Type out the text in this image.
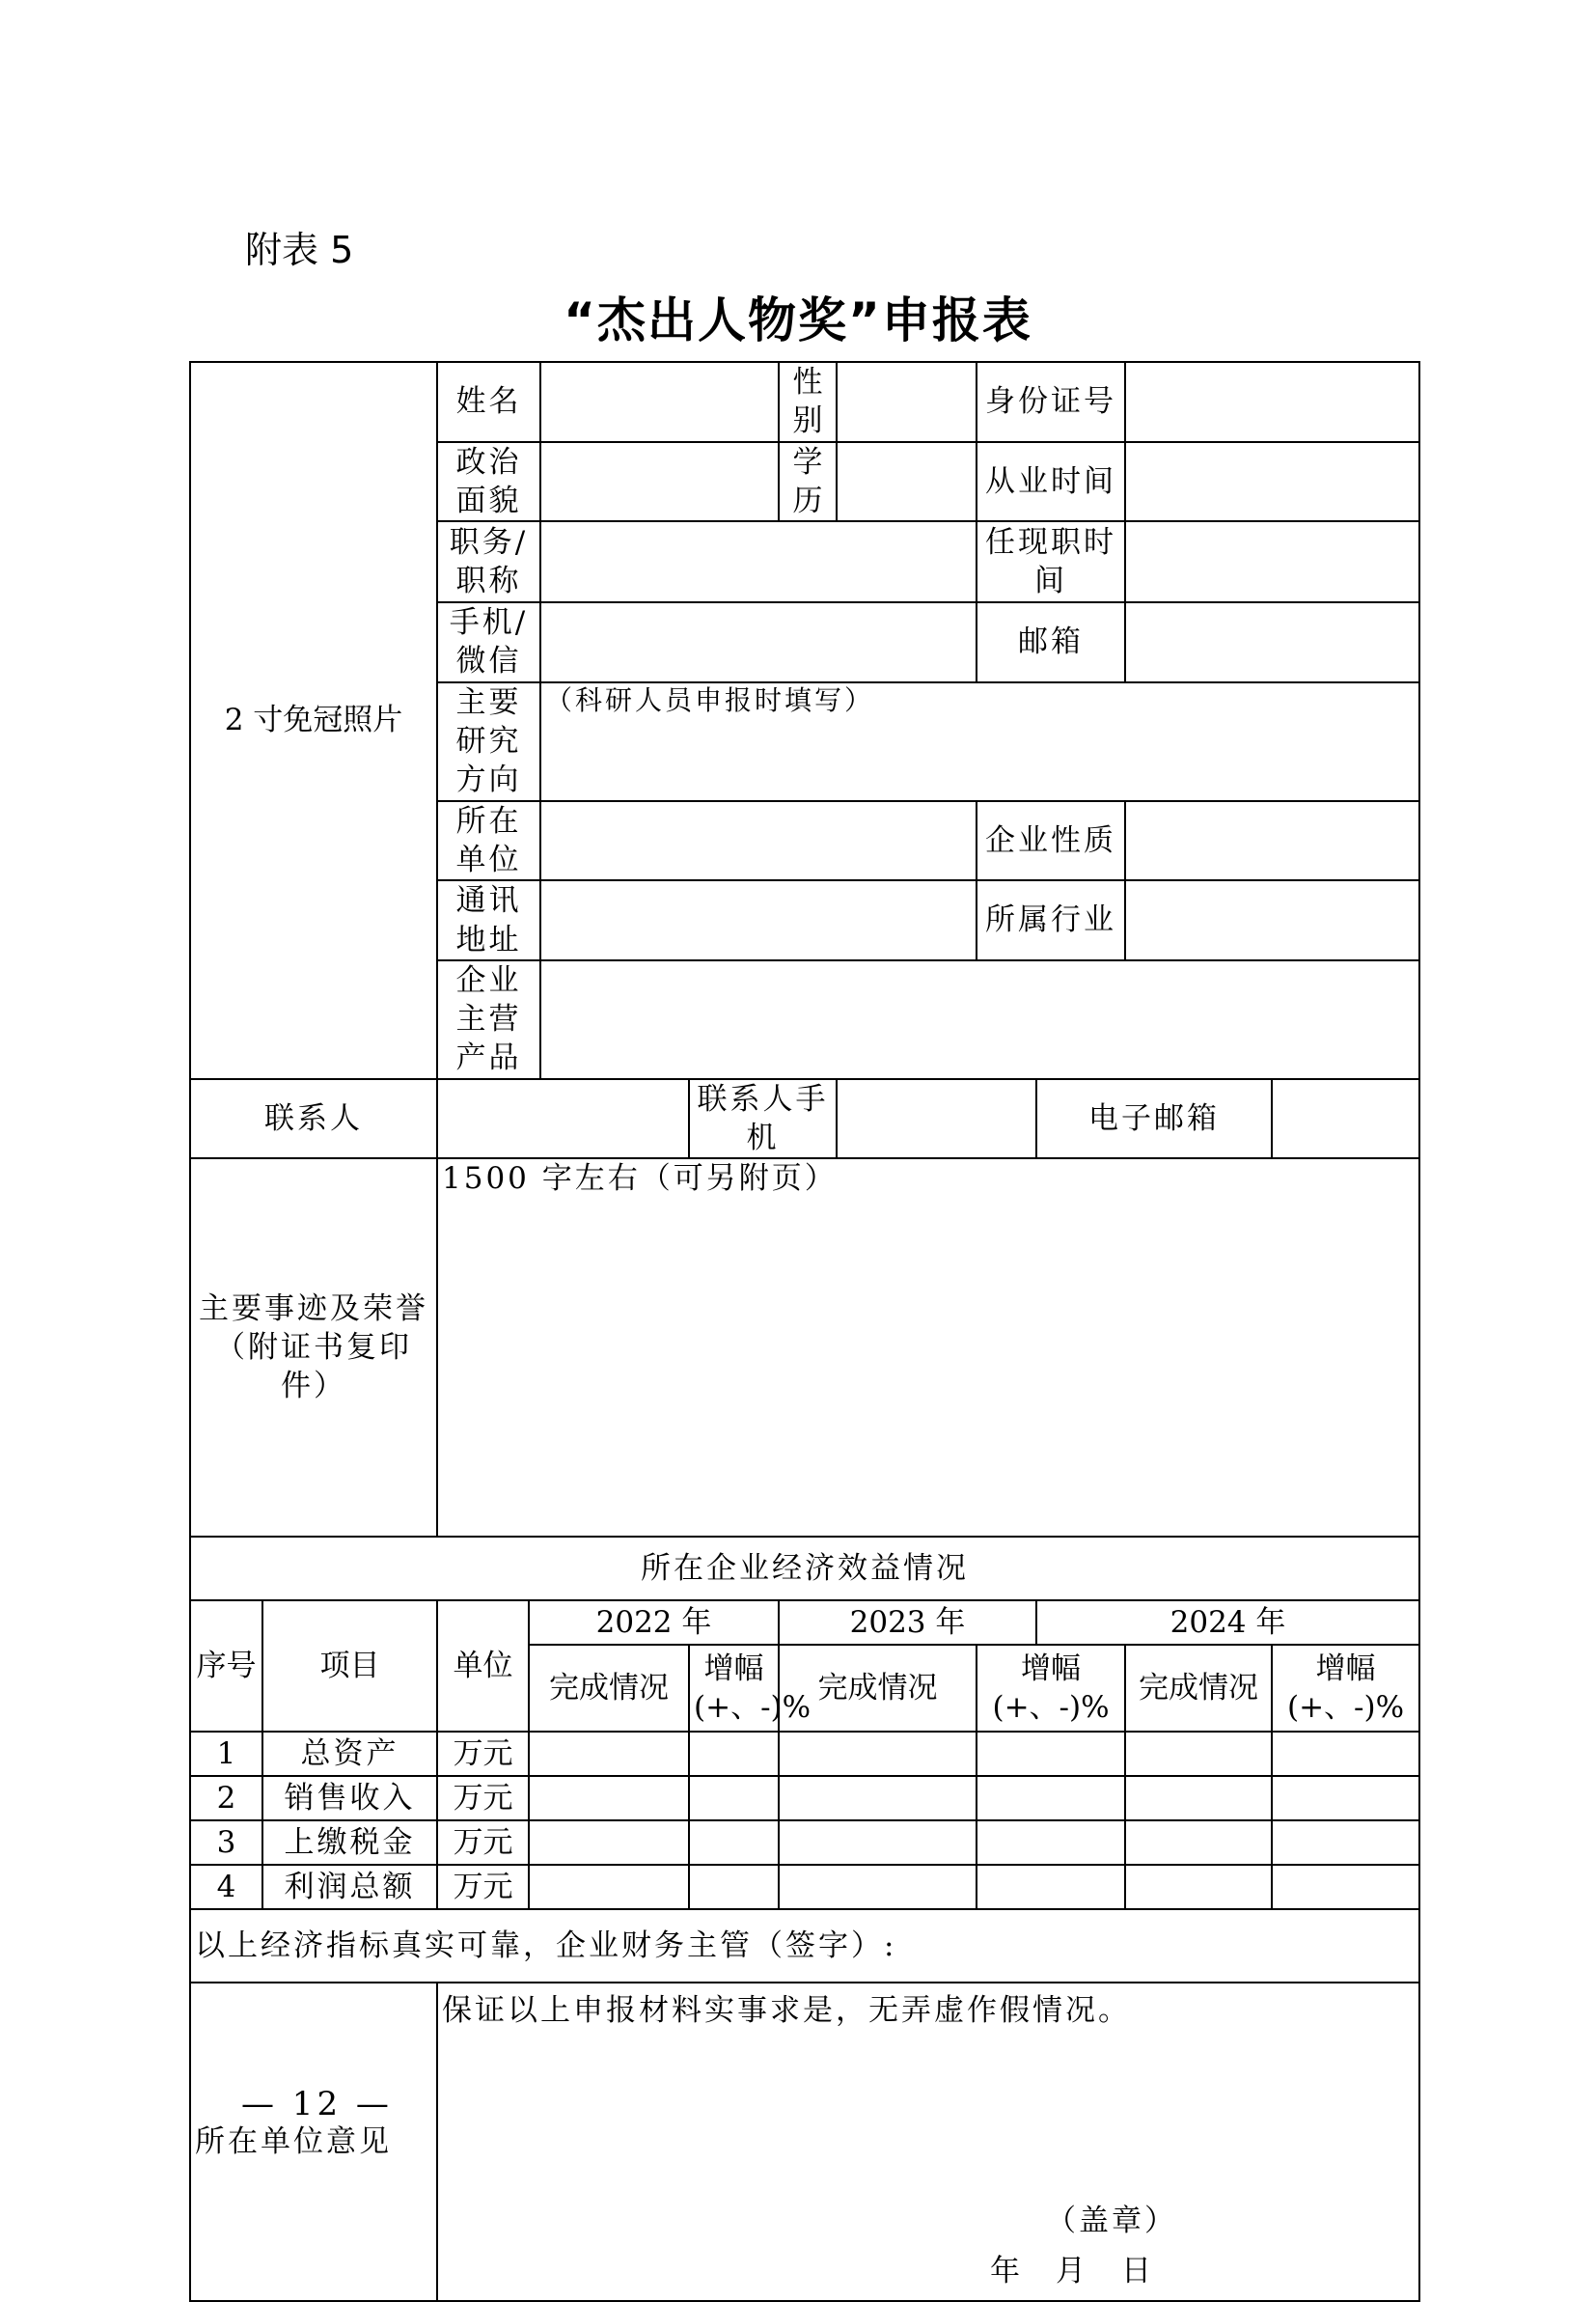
附表 5
“杰出人物奖”申报表
2 寸免冠照片		姓名				性别		身份证号			
		政治面貌				学历		从业时间			
		职务/职称						任现职时间			
		手机/微信						邮箱			
		主要研究方向		（科研人员申报时填写）							
		所在单位						企业性质			
		通讯地址						所属行业			
		企业主营产品									
联系人					联系人手机				电子邮箱		

主要事迹及荣誉
（附证书复印件）		1500 字左右（可另附页）									
所在企业经济效益情况											
序号	项目	单位	2022 年			2023 年			2024 年		
			完成情况		增幅(+、-)%	完成情况		增幅(+、-)%		完成情况	增幅(+、-)%
1	总资产	万元									
2	销售收入	万元									
3	上缴税金	万元									
4	利润总额	万元									
以上经济指标真实可靠，企业财务主管（签字）:											
所在单位意见		保证以上申报材料实事求是，无弄虚作假情况。
（盖章）
年　月　日									
— 12 —
